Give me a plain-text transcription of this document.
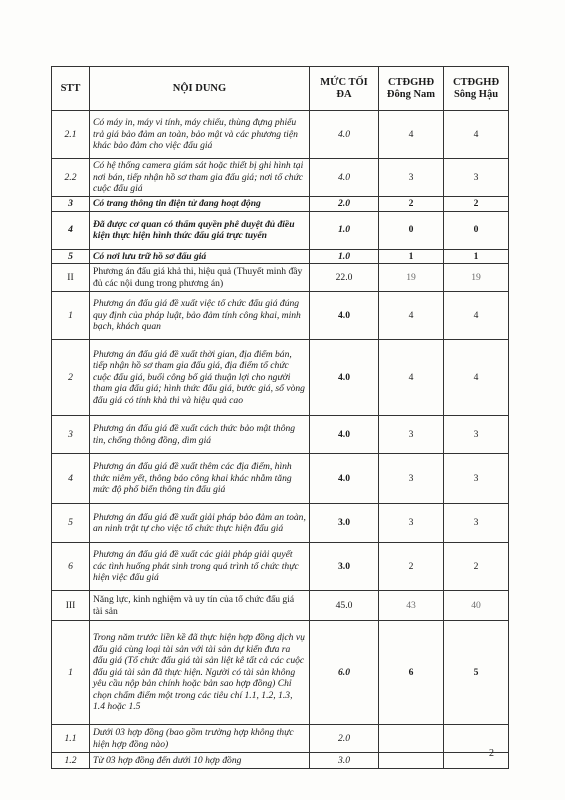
STT	NỘI DUNG	MỨC TỐI ĐA	CTĐGHĐ Đông Nam	CTĐGHĐ Sông Hậu
2.1	Có máy in, máy vi tính, máy chiếu, thùng đựng phiếu trả giá bảo đảm an toàn, bảo mật và các phương tiện khác bảo đảm cho việc đấu giá	4.0	4	4
2.2	Có hệ thống camera giám sát hoặc thiết bị ghi hình tại nơi bán, tiếp nhận hồ sơ tham gia đấu giá; nơi tổ chức cuộc đấu giá	4.0	3	3
3	Có trang thông tin điện tử đang hoạt động	2.0	2	2
4	Đã được cơ quan có thẩm quyền phê duyệt đủ điều kiện thực hiện hình thức đấu giá trực tuyến	1.0	0	0
5	Có nơi lưu trữ hồ sơ đấu giá	1.0	1	1
II	Phương án đấu giá khả thi, hiệu quả (Thuyết minh đầy đủ các nội dung trong phương án)	22.0	19	19
1	Phương án đấu giá đề xuất việc tổ chức đấu giá đúng quy định của pháp luật, bảo đảm tính công khai, minh bạch, khách quan	4.0	4	4
2	Phương án đấu giá đề xuất thời gian, địa điểm bán, tiếp nhận hồ sơ tham gia đấu giá, địa điểm tổ chức cuộc đấu giá, buổi công bố giá thuận lợi cho người tham gia đấu giá; hình thức đấu giá, bước giá, số vòng đấu giá có tính khả thi và hiệu quả cao	4.0	4	4
3	Phương án đấu giá đề xuất cách thức bảo mật thông tin, chống thông đồng, dìm giá	4.0	3	3
4	Phương án đấu giá đề xuất thêm các địa điểm, hình thức niêm yết, thông báo công khai khác nhằm tăng mức độ phổ biến thông tin đấu giá	4.0	3	3
5	Phương án đấu giá đề xuất giải pháp bảo đảm an toàn, an ninh trật tự cho việc tổ chức thực hiện đấu giá	3.0	3	3
6	Phương án đấu giá đề xuất các giải pháp giải quyết các tình huống phát sinh trong quá trình tổ chức thực hiện việc đấu giá	3.0	2	2
III	Năng lực, kinh nghiệm và uy tín của tổ chức đấu giá tài sản	45.0	43	40
1	Trong năm trước liền kề đã thực hiện hợp đồng dịch vụ đấu giá cùng loại tài sản với tài sản dự kiến đưa ra đấu giá (Tổ chức đấu giá tài sản liệt kê tất cả các cuộc đấu giá tài sản đã thực hiện. Người có tài sản không yêu cầu nộp bản chính hoặc bản sao hợp đồng) Chỉ chọn chấm điểm một trong các tiêu chí 1.1, 1.2, 1.3, 1.4 hoặc 1.5	6.0	6	5
1.1	Dưới 03 hợp đồng (bao gồm trường hợp không thực hiện hợp đồng nào)	2.0		
1.2	Từ 03 hợp đồng đến dưới 10 hợp đồng	3.0		
2
